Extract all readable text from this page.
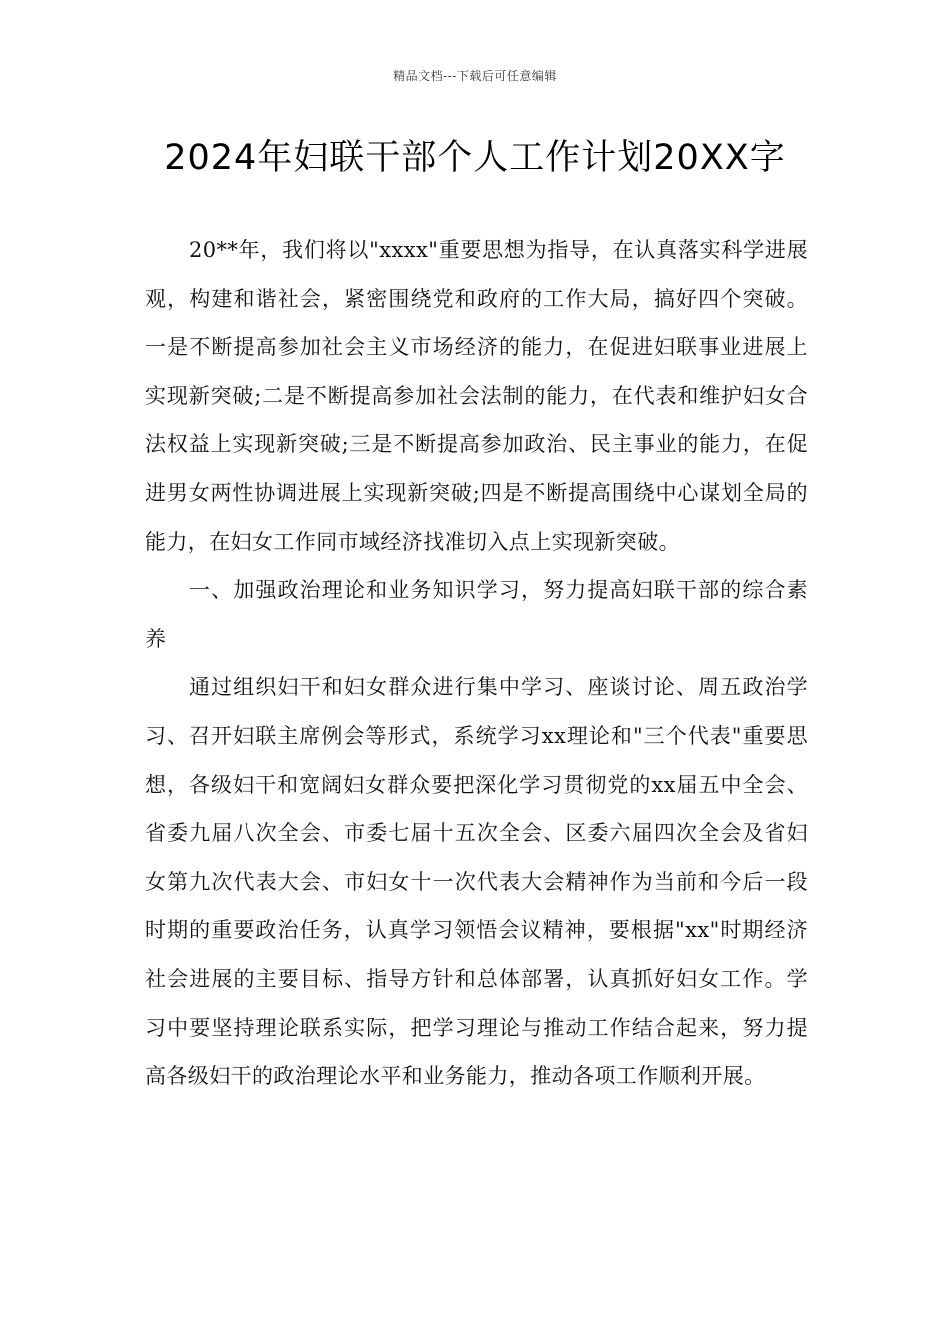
精品文档---下载后可任意编辑
2024年妇联干部个人工作计划20XX字

20**年，我们将以"xxxx"重要思想为指导，在认真落实科学进展观，构建和谐社会，紧密围绕党和政府的工作大局，搞好四个突破。一是不断提高参加社会主义市场经济的能力，在促进妇联事业进展上实现新突破;二是不断提高参加社会法制的能力，在代表和维护妇女合法权益上实现新突破;三是不断提高参加政治、民主事业的能力，在促进男女两性协调进展上实现新突破;四是不断提高围绕中心谋划全局的能力，在妇女工作同市域经济找准切入点上实现新突破。

一、加强政治理论和业务知识学习，努力提高妇联干部的综合素养

通过组织妇干和妇女群众进行集中学习、座谈讨论、周五政治学习、召开妇联主席例会等形式，系统学习xx理论和"三个代表"重要思想，各级妇干和宽阔妇女群众要把深化学习贯彻党的xx届五中全会、省委九届八次全会、市委七届十五次全会、区委六届四次全会及省妇女第九次代表大会、市妇女十一次代表大会精神作为当前和今后一段时期的重要政治任务，认真学习领悟会议精神，要根据"xx"时期经济社会进展的主要目标、指导方针和总体部署，认真抓好妇女工作。学习中要坚持理论联系实际，把学习理论与推动工作结合起来，努力提高各级妇干的政治理论水平和业务能力，推动各项工作顺利开展。
